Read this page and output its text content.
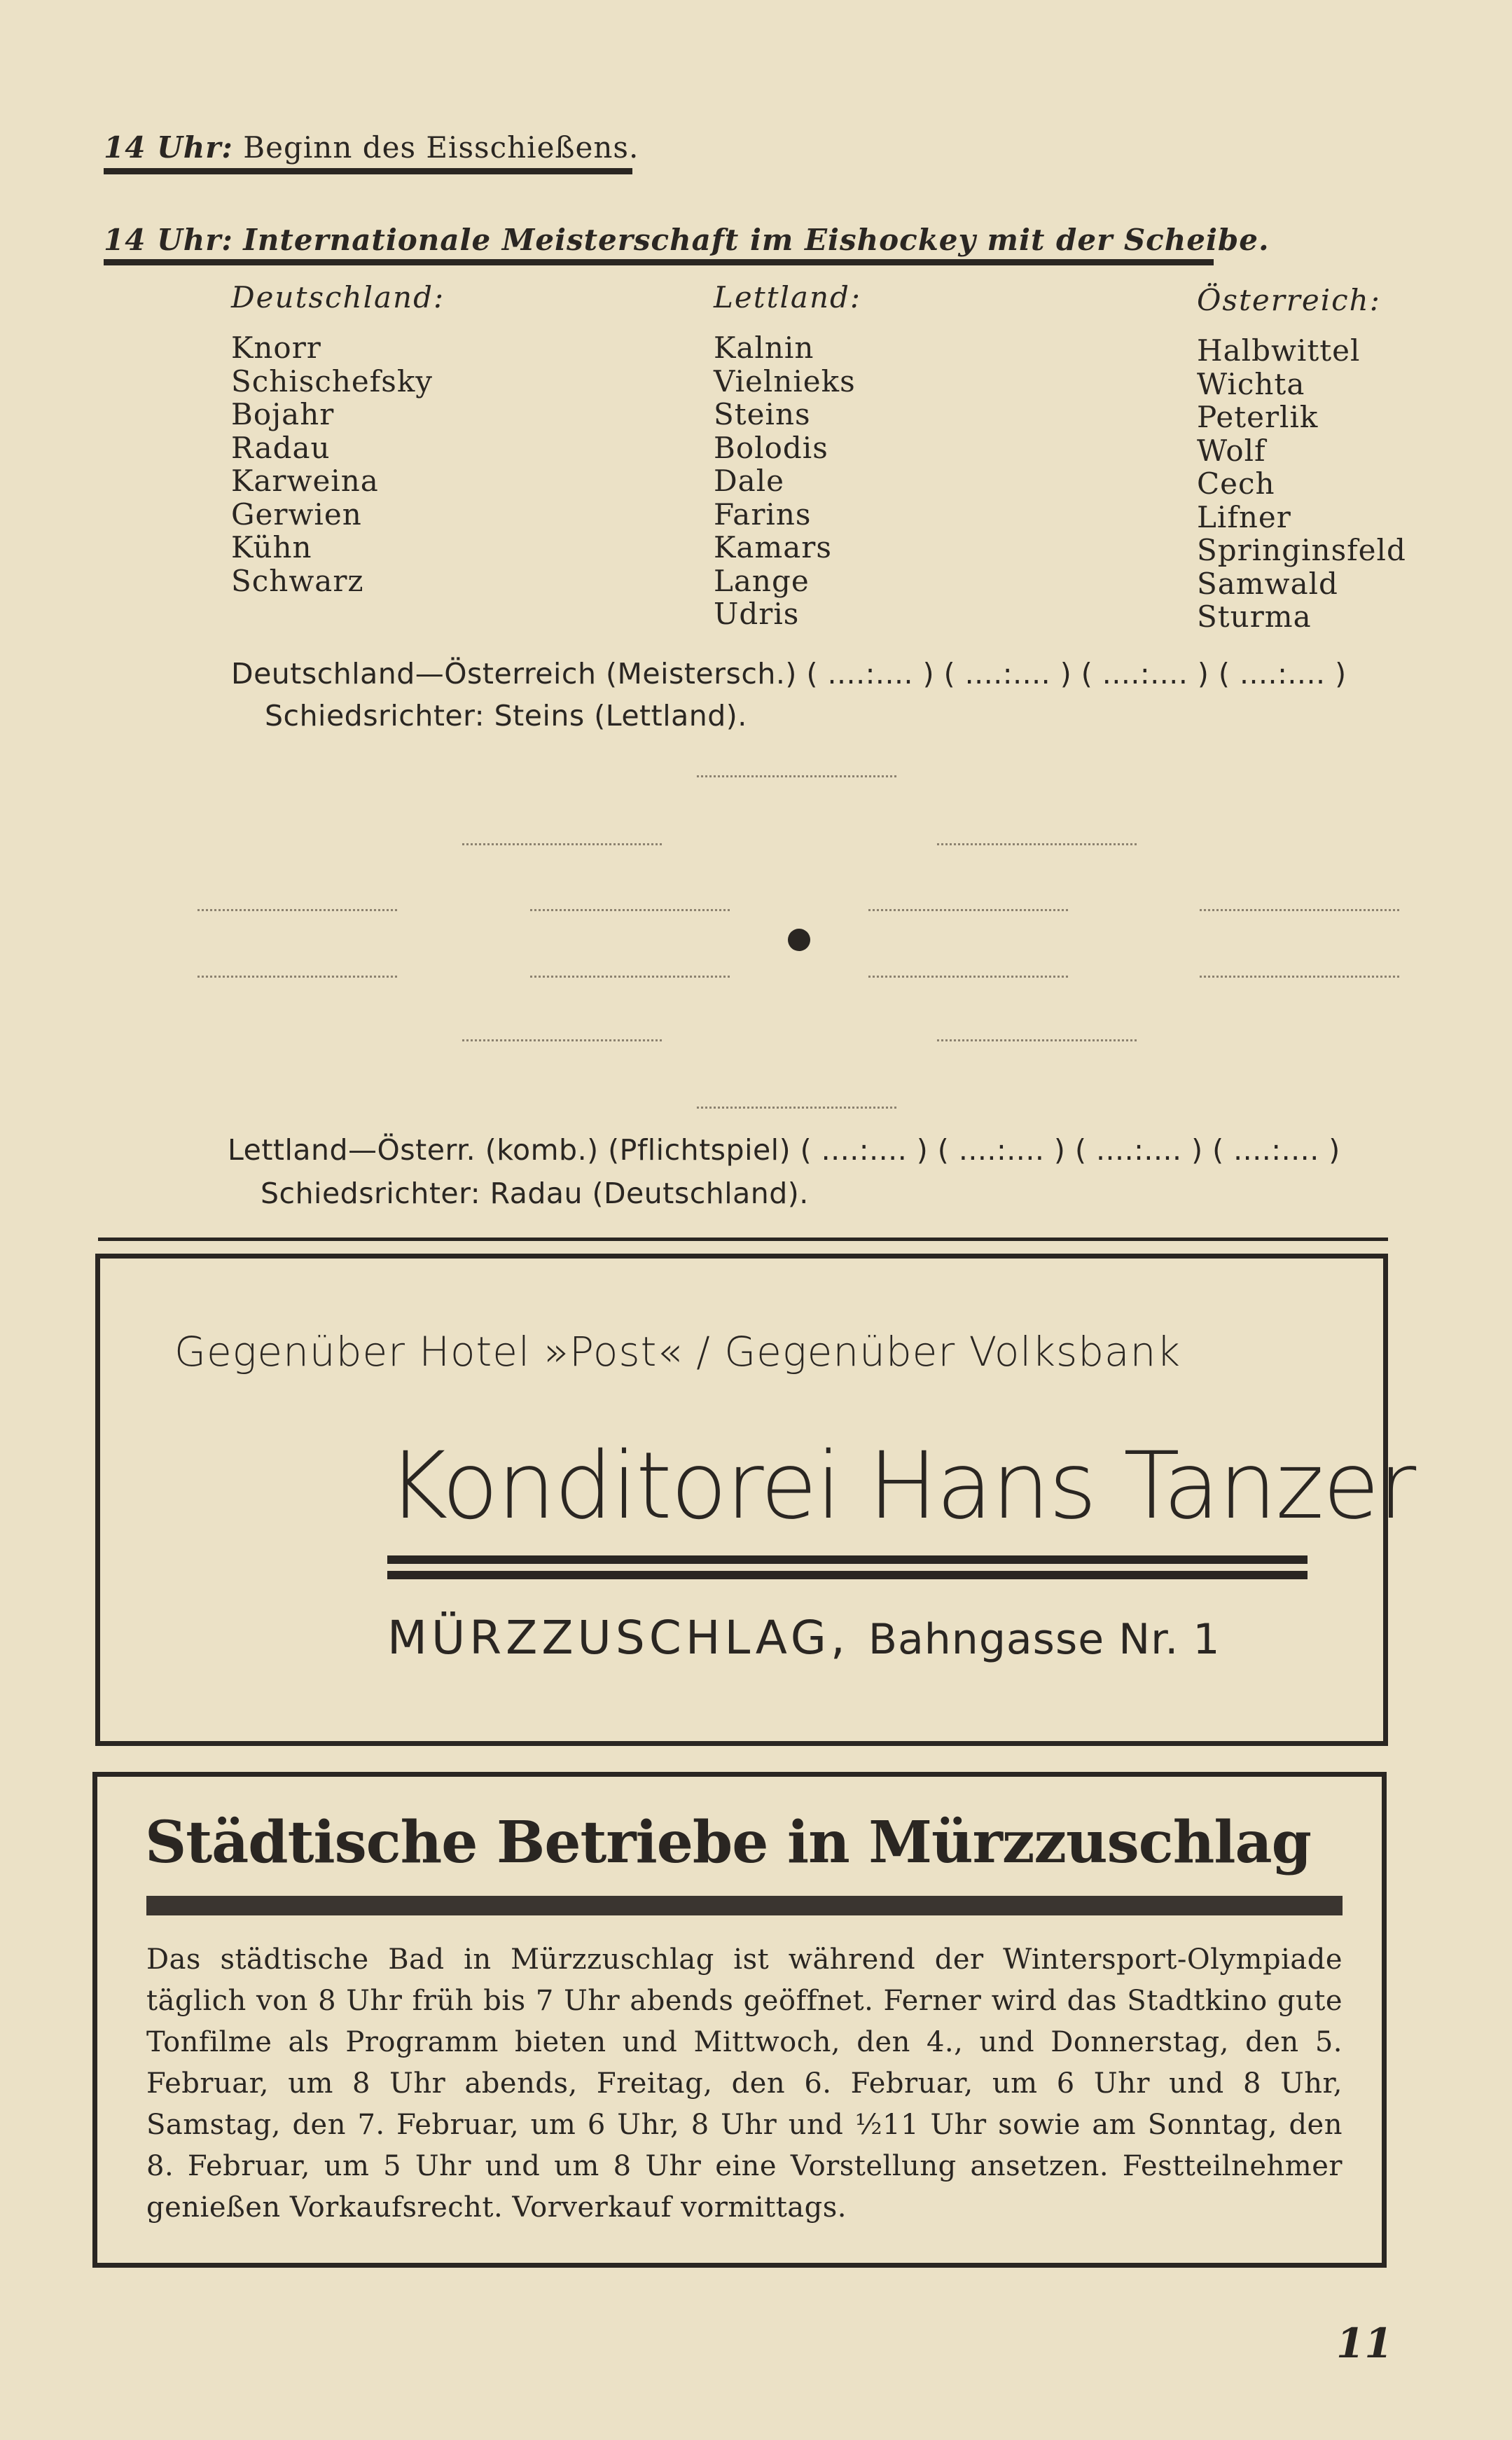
14 Uhr: Beginn des Eisschießens.
14 Uhr: Internationale Meisterschaft im Eishockey mit der Scheibe.
Deutschland:
Knorr
Schischefsky
Bojahr
Radau
Karweina
Gerwien
Kühn
Schwarz
Lettland:
Kalnin
Vielnieks
Steins
Bolodis
Dale
Farins
Kamars
Lange
Udris
Österreich:
Halbwittel
Wichta
Peterlik
Wolf
Cech
Lifner
Springinsfeld
Samwald
Sturma
Deutschland—Österreich (Meistersch.) ( ....:.... ) ( ....:.... ) ( ....:.... ) ( ....:.... )
Schiedsrichter: Steins (Lettland).
Lettland—Österr. (komb.) (Pflichtspiel) ( ....:.... ) ( ....:.... ) ( ....:.... ) ( ....:.... )
Schiedsrichter: Radau (Deutschland).
Gegenüber Hotel »Post« / Gegenüber Volksbank
Konditorei Hans Tanzer
MÜRZZUSCHLAG, Bahngasse Nr. 1
Städtische Betriebe in Mürzzuschlag
Das städtische Bad in Mürzzuschlag ist während der Wintersport-Olympiade täglich von 8 Uhr früh bis 7 Uhr abends geöffnet. Ferner wird das Stadtkino gute Tonfilme als Programm bieten und Mittwoch, den 4., und Donnerstag, den 5. Februar, um 8 Uhr abends, Freitag, den 6. Februar, um 6 Uhr und 8 Uhr, Samstag, den 7. Februar, um 6 Uhr, 8 Uhr und ½11 Uhr sowie am Sonntag, den 8. Februar, um 5 Uhr und um 8 Uhr eine Vorstellung ansetzen. Festteilnehmer genießen Vorkaufsrecht. Vorverkauf vormittags.
11
